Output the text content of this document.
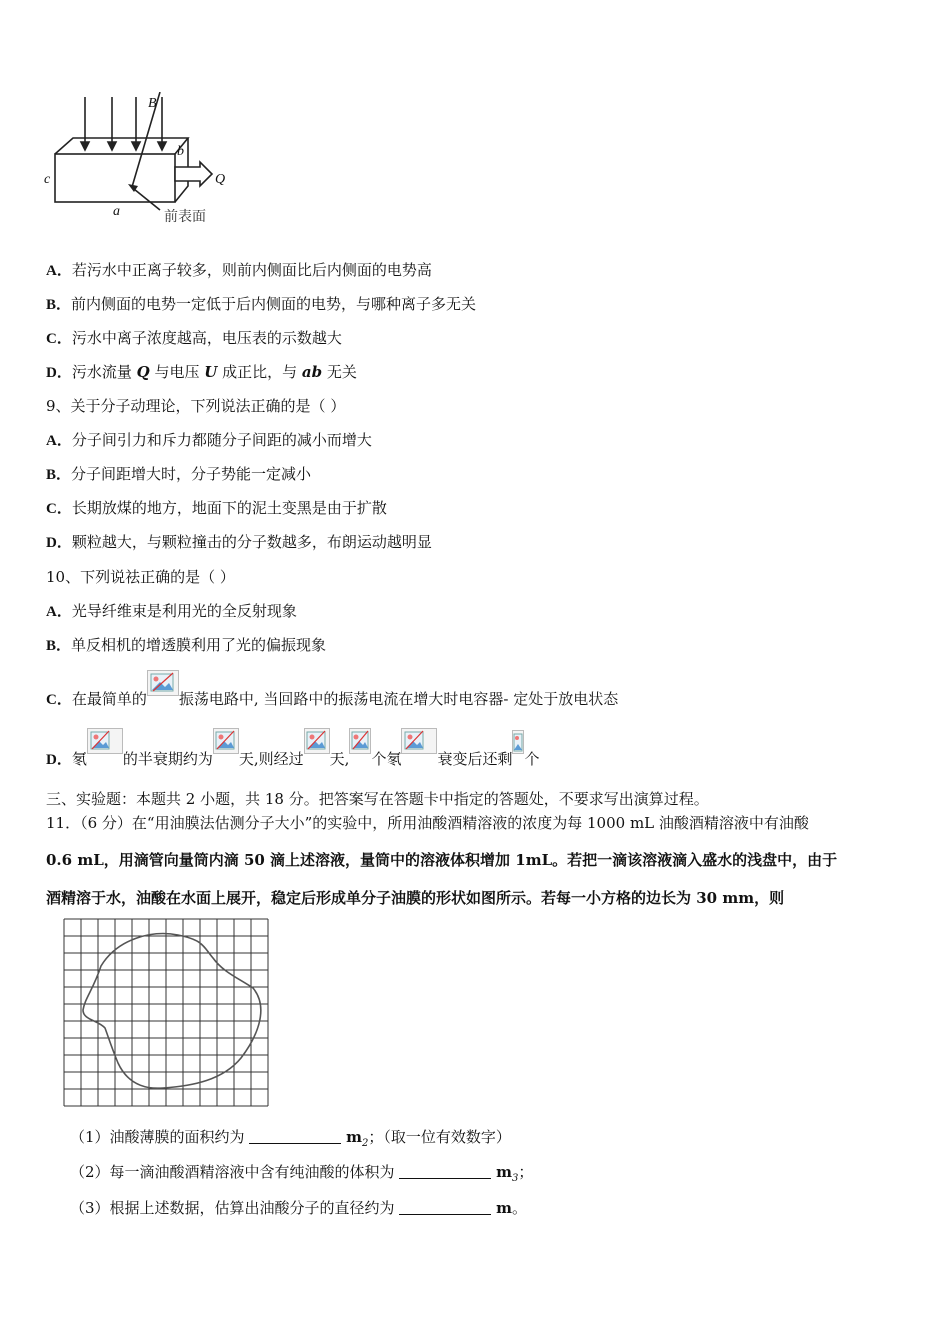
B
b
c	Q
a	前表面
A．若污水中正离子较多，则前内侧面比后内侧面的电势高
B．前内侧面的电势一定低于后内侧面的电势，与哪种离子多无关
C．污水中离子浓度越高，电压表的示数越大
D．污水流量 Q 与电压 U 成正比，与 ab 无关
9、关于分子动理论，下列说法正确的是（ ）
A．分子间引力和斥力都随分子间距的减小而增大
B．分子间距增大时，分子势能一定减小
C．长期放煤的地方，地面下的泥土变黑是由于扩散
D．颗粒越大，与颗粒撞击的分子数越多，布朗运动越明显
10、下列说祛正确的是（ ）
A．光导纤维束是利用光的全反射现象
B．单反相机的增透膜利用了光的偏振现象
C．在最简单的 振荡电路中, 当回路中的振荡电流在增大时电容器- 定处于放电状态
D．氡 的半衰期约为 天,则经过 天, 个氡 衰变后还剩 个
三、实验题：本题共 2 小题，共 18 分。把答案写在答题卡中指定的答题处，不要求写出演算过程。
11．（6 分）在“用油膜法估测分子大小”的实验中，所用油酸酒精溶液的浓度为每 1000 mL 油酸酒精溶液中有油酸
0.6 mL，用滴管向量筒内滴 50 滴上述溶液，量筒中的溶液体积增加 1mL。若把一滴该溶液滴入盛水的浅盘中，由于
酒精溶于水，油酸在水面上展开，稳定后形成单分子油膜的形状如图所示。若每一小方格的边长为 30 mm，则
（1）油酸薄膜的面积约为	$m_2$；（取一位有效数字）
（2）每一滴油酸酒精溶液中含有纯油酸的体积为	$m_3$；
（3）根据上述数据，估算出油酸分子的直径约为	m。
